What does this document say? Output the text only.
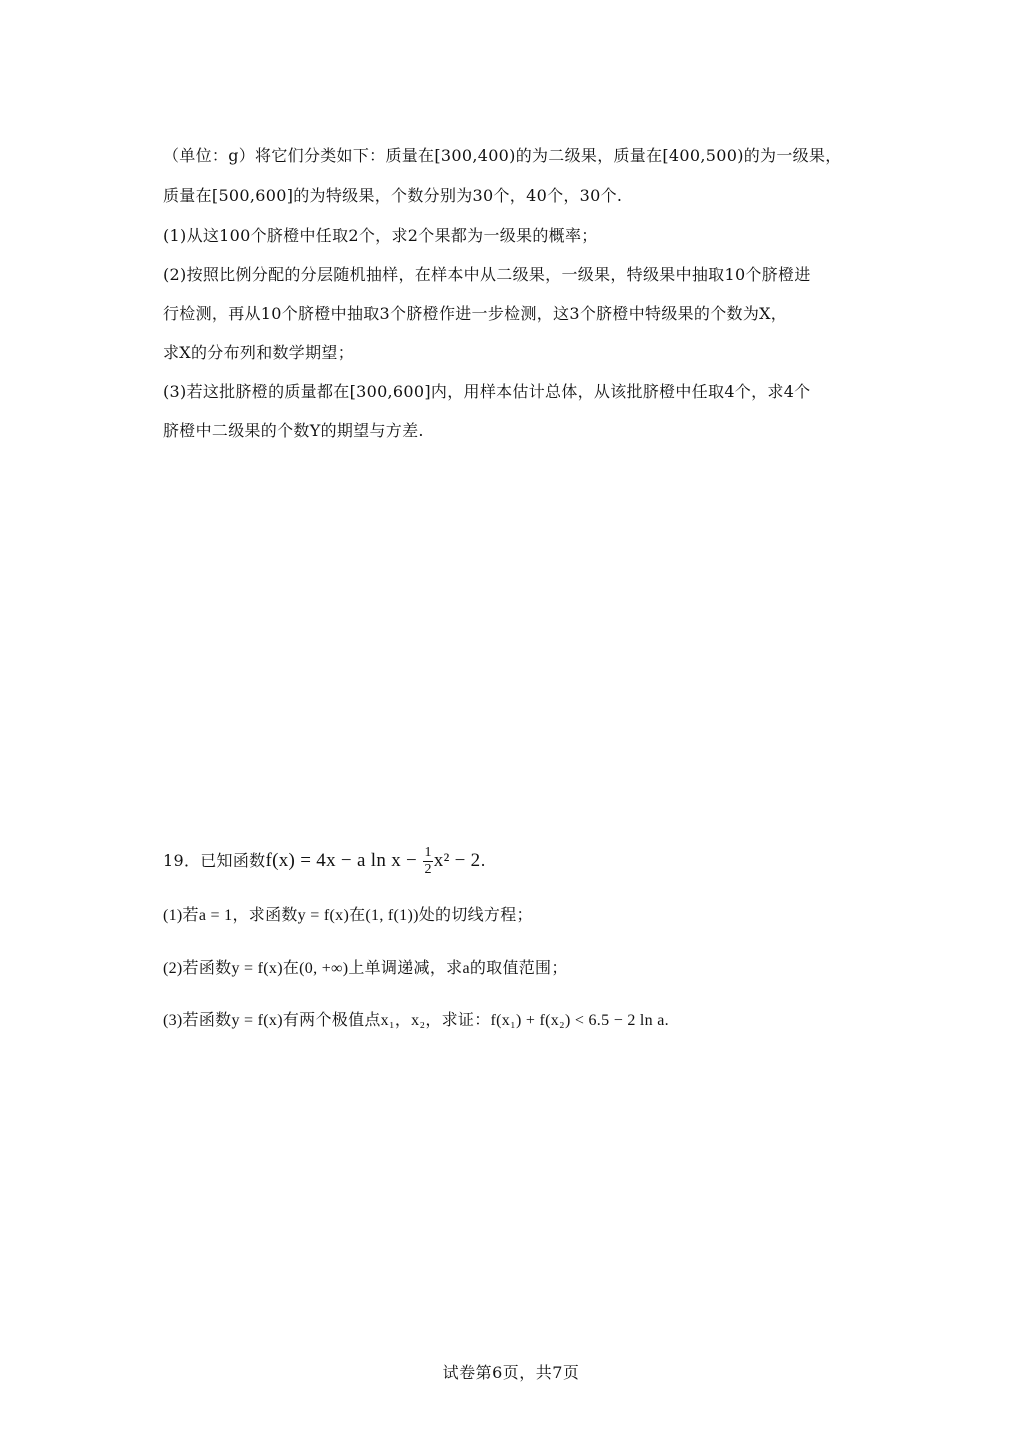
（单位：g）将它们分类如下：质量在[300,400)的为二级果，质量在[400,500)的为一级果，
质量在[500,600]的为特级果，个数分别为30个，40个，30个.
(1)从这100个脐橙中任取2个，求2个果都为一级果的概率；
(2)按照比例分配的分层随机抽样，在样本中从二级果，一级果，特级果中抽取10个脐橙进
行检测，再从10个脐橙中抽取3个脐橙作进一步检测，这3个脐橙中特级果的个数为X，
求X的分布列和数学期望；
(3)若这批脐橙的质量都在[300,600]内，用样本估计总体，从该批脐橙中任取4个，求4个
脐橙中二级果的个数Y的期望与方差.
19．已知函数f(x) = 4x − a $\ln x - \frac{1}{2} x^2 - 2$.
(1)若a = 1，求函数y = f(x)在(1, f(1))处的切线方程；
(2)若函数y = f(x)在(0, +∞)上单调递减，求a的取值范围；
(3)若函数y = f(x)有两个极值点x₁，x₂，求证：f(x₁) + f(x₂) < 6.5 − 2 ln a.
试卷第6页，共7页
